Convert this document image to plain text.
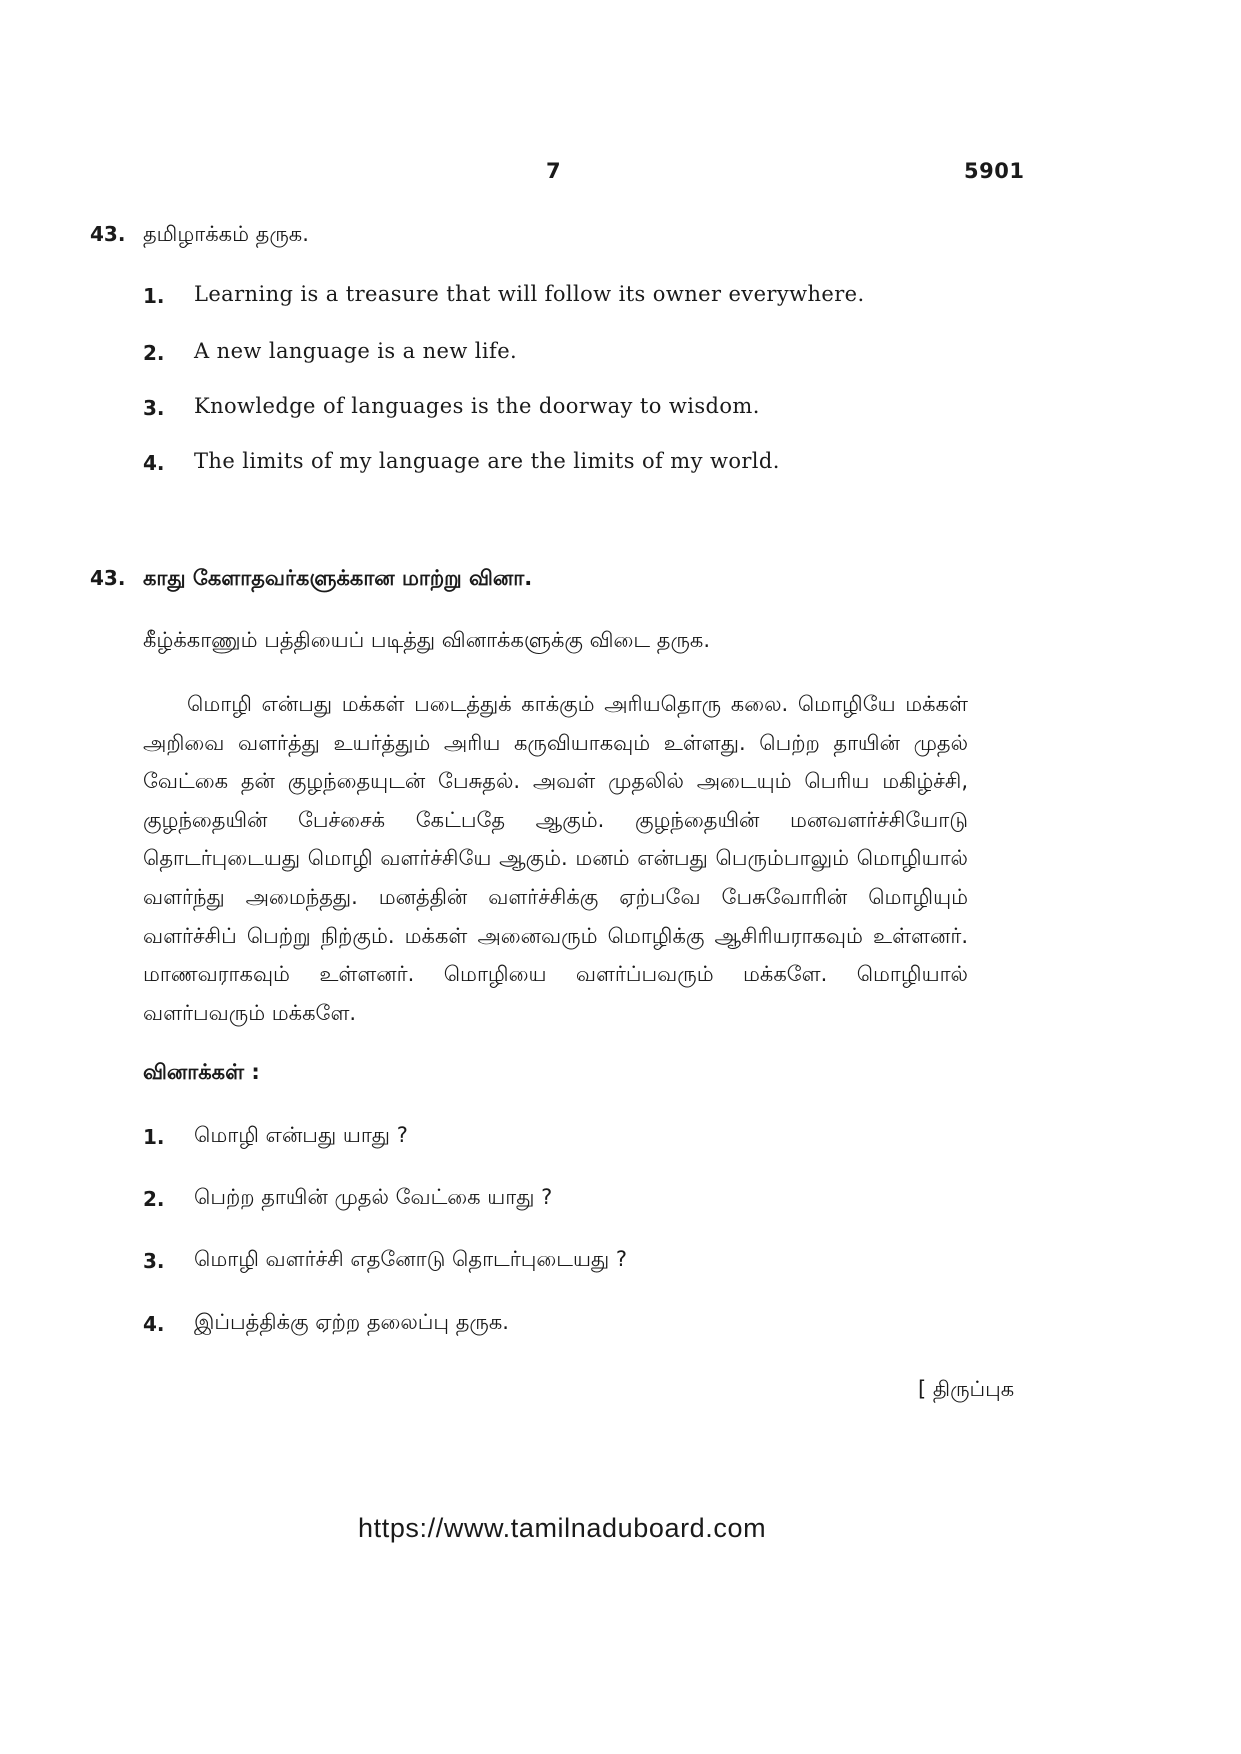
7	5901
43. தமிழாக்கம் தருக.
1. Learning is a treasure that will follow its owner everywhere.
2. A new language is a new life.
3. Knowledge of languages is the doorway to wisdom.
4. The limits of my language are the limits of my world.
43. காது கேளாதவர்களுக்கான மாற்று வினா.
கீழ்க்காணும் பத்தியைப் படித்து வினாக்களுக்கு விடை தருக.
மொழி என்பது மக்கள் படைத்துக் காக்கும் அரியதொரு கலை. மொழியே மக்கள்
அறிவை வளர்த்து உயர்த்தும் அரிய கருவியாகவும் உள்ளது. பெற்ற தாயின் முதல்
வேட்கை தன் குழந்தையுடன் பேசுதல். அவள் முதலில் அடையும் பெரிய மகிழ்ச்சி,
குழந்தையின் பேச்சைக் கேட்பதே ஆகும். குழந்தையின் மனவளர்ச்சியோடு
தொடர்புடையது மொழி வளர்ச்சியே ஆகும். மனம் என்பது பெரும்பாலும் மொழியால்
வளர்ந்து அமைந்தது. மனத்தின் வளர்ச்சிக்கு ஏற்பவே பேசுவோரின் மொழியும்
வளர்ச்சிப் பெற்று நிற்கும். மக்கள் அனைவரும் மொழிக்கு ஆசிரியராகவும் உள்ளனர்.
மாணவராகவும் உள்ளனர். மொழியை வளர்ப்பவரும் மக்களே. மொழியால்
வளர்பவரும் மக்களே.
வினாக்கள் :
1. மொழி என்பது யாது ?
2. பெற்ற தாயின் முதல் வேட்கை யாது ?
3. மொழி வளர்ச்சி எதனோடு தொடர்புடையது ?
4. இப்பத்திக்கு ஏற்ற தலைப்பு தருக.
[ திருப்புக
https://www.tamilnaduboard.com
